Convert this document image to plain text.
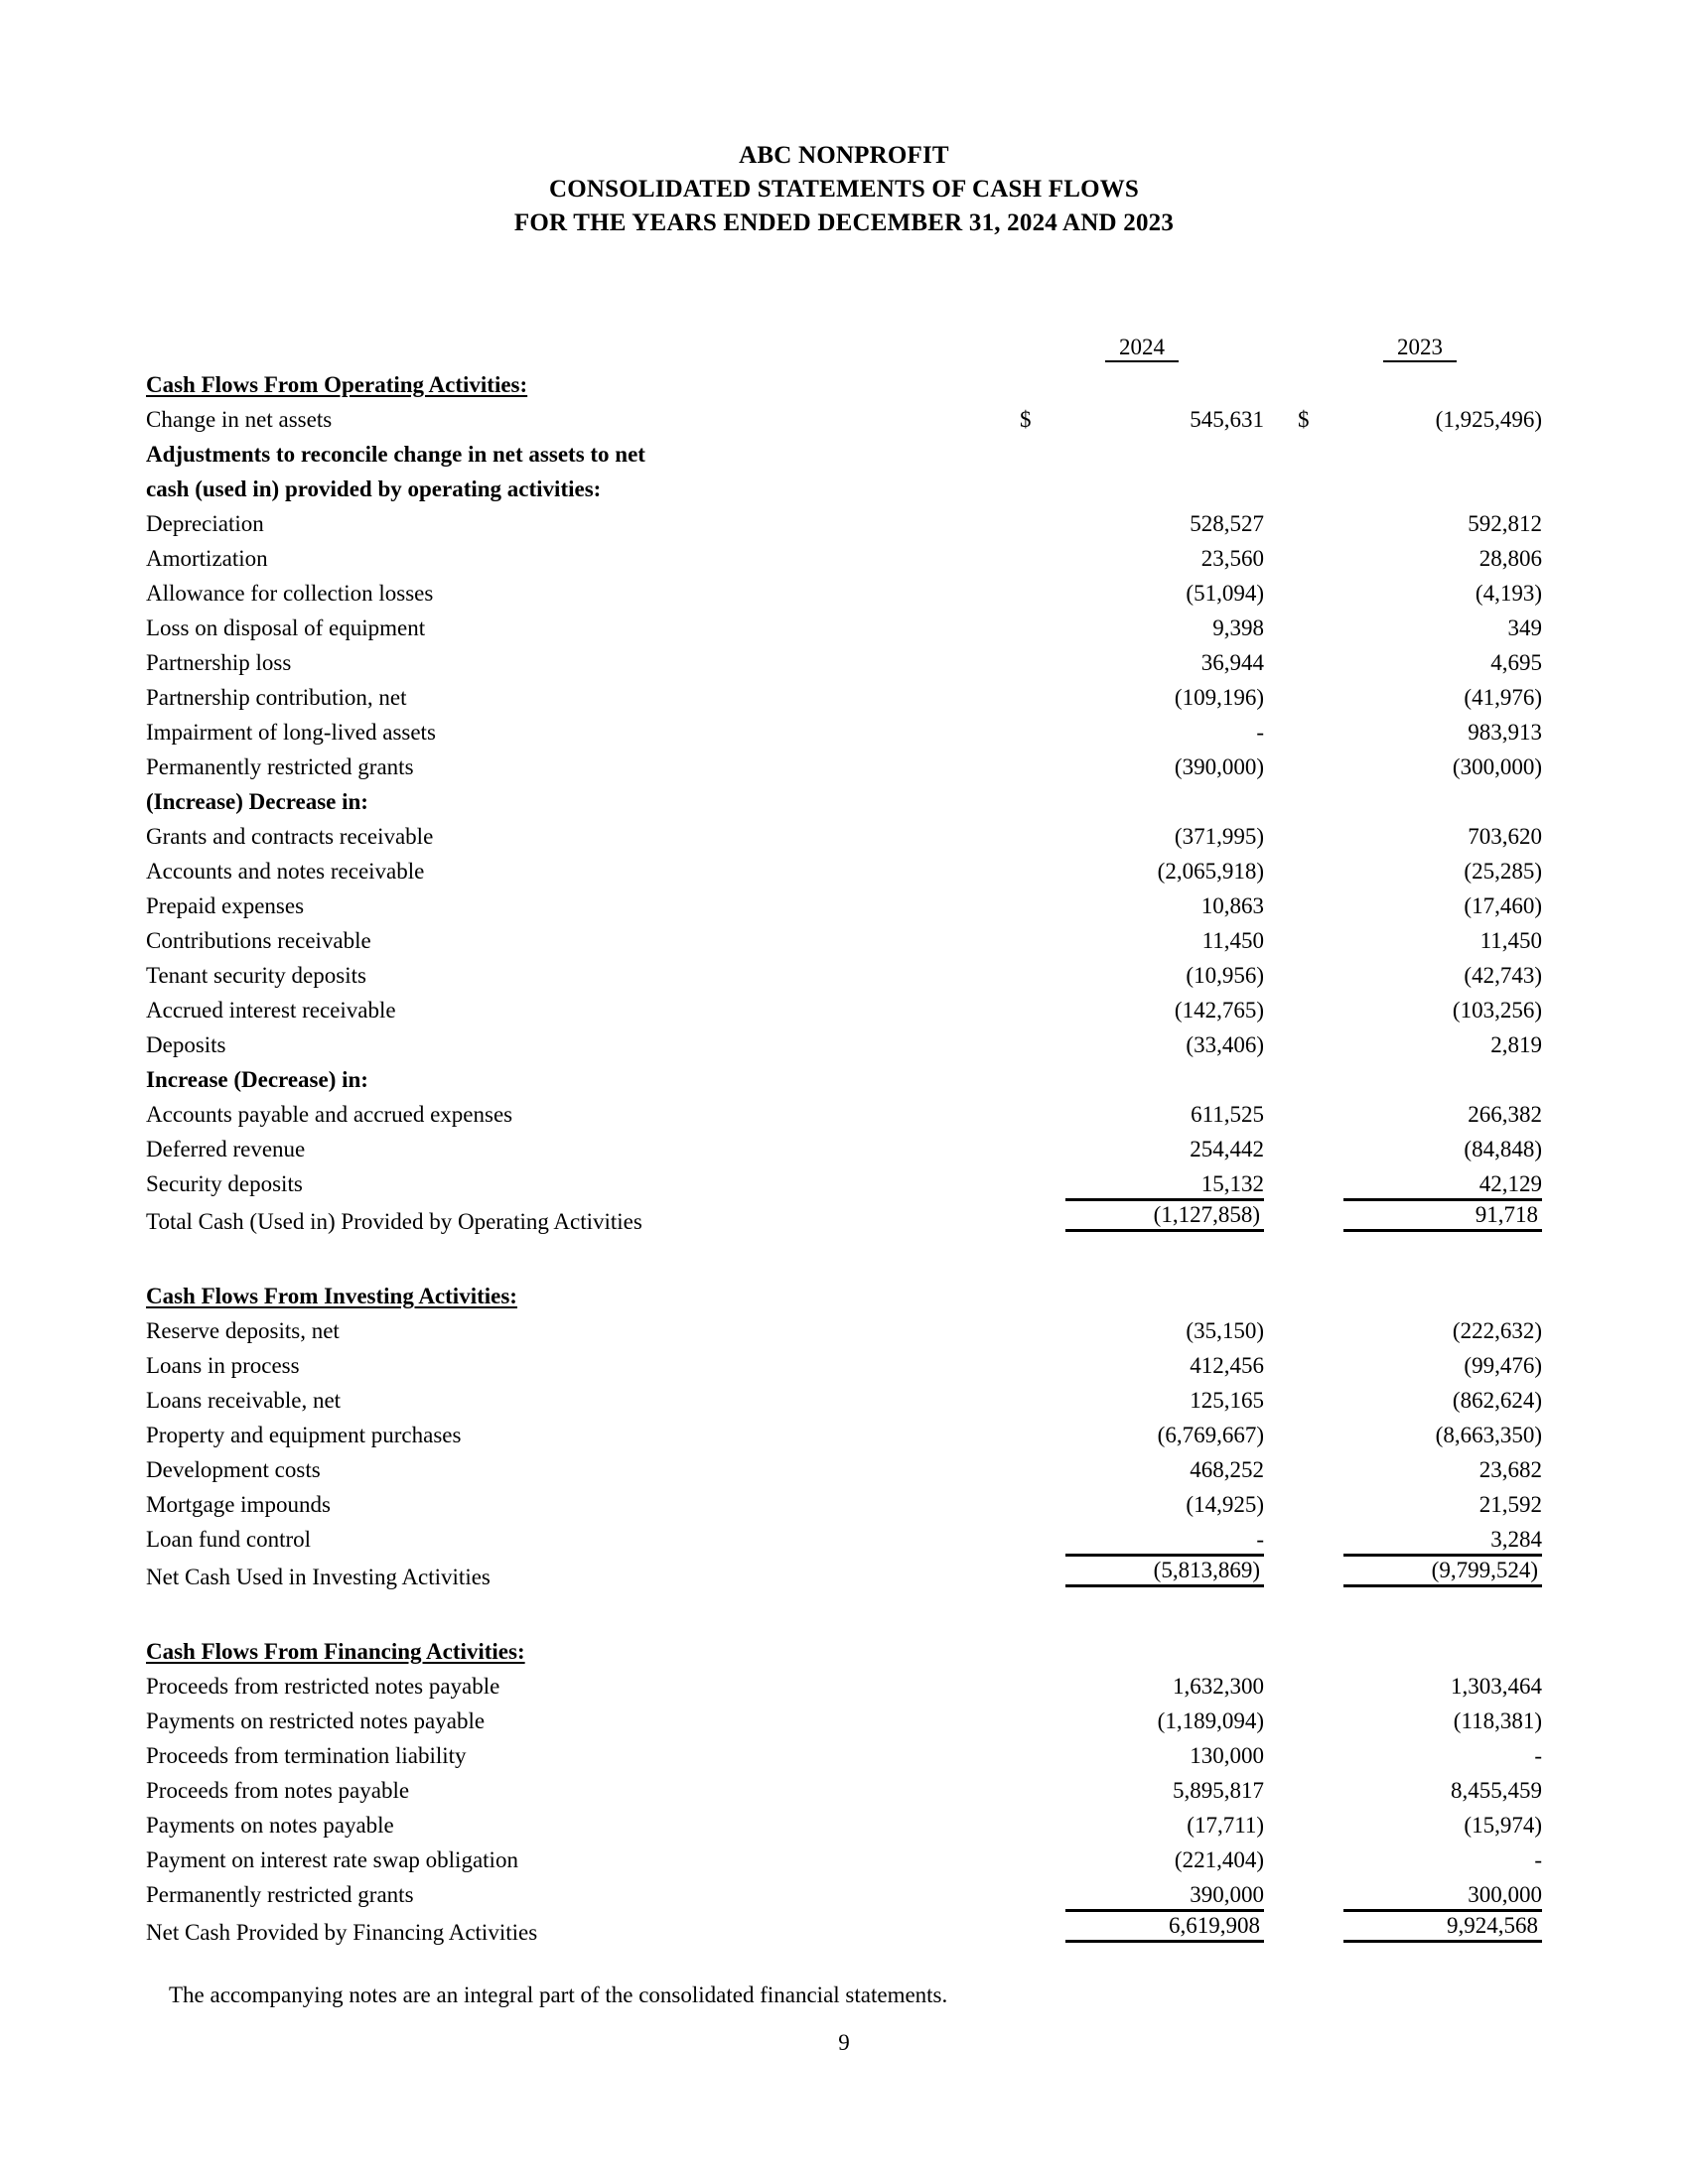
ABC NONPROFIT
CONSOLIDATED STATEMENTS OF CASH FLOWS
FOR THE YEARS ENDED DECEMBER 31, 2024 AND 2023

	2024			2023	
Cash Flows From Operating Activities:					
Change in net assets	$	545,631		$	(1,925,496)
Adjustments to reconcile change in net assets to net					
cash (used in) provided by operating activities:					
Depreciation		528,527			592,812
Amortization		23,560			28,806
Allowance for collection losses		(51,094)			(4,193)
Loss on disposal of equipment		9,398			349
Partnership loss		36,944			4,695
Partnership contribution, net		(109,196)			(41,976)
Impairment of long-lived assets		-			983,913
Permanently restricted grants		(390,000)			(300,000)
(Increase) Decrease in:					
Grants and contracts receivable		(371,995)			703,620
Accounts and notes receivable		(2,065,918)			(25,285)
Prepaid expenses		10,863			(17,460)
Contributions receivable		11,450			11,450
Tenant security deposits		(10,956)			(42,743)
Accrued interest receivable		(142,765)			(103,256)
Deposits		(33,406)			2,819
Increase (Decrease) in:					
Accounts payable and accrued expenses		611,525			266,382
Deferred revenue		254,442			(84,848)
Security deposits		15,132			42,129
Total Cash (Used in) Provided by Operating Activities		(1,127,858)			91,718

Cash Flows From Investing Activities:					
Reserve deposits, net		(35,150)			(222,632)
Loans in process		412,456			(99,476)
Loans receivable, net		125,165			(862,624)
Property and equipment purchases		(6,769,667)			(8,663,350)
Development costs		468,252			23,682
Mortgage impounds		(14,925)			21,592
Loan fund control		-			3,284
Net Cash Used in Investing Activities		(5,813,869)			(9,799,524)

Cash Flows From Financing Activities:					
Proceeds from restricted notes payable		1,632,300			1,303,464
Payments on restricted notes payable		(1,189,094)			(118,381)
Proceeds from termination liability		130,000			-
Proceeds from notes payable		5,895,817			8,455,459
Payments on notes payable		(17,711)			(15,974)
Payment on interest rate swap obligation		(221,404)			-
Permanently restricted grants		390,000			300,000
Net Cash Provided by Financing Activities		6,619,908			9,924,568
The accompanying notes are an integral part of the consolidated financial statements.
9
